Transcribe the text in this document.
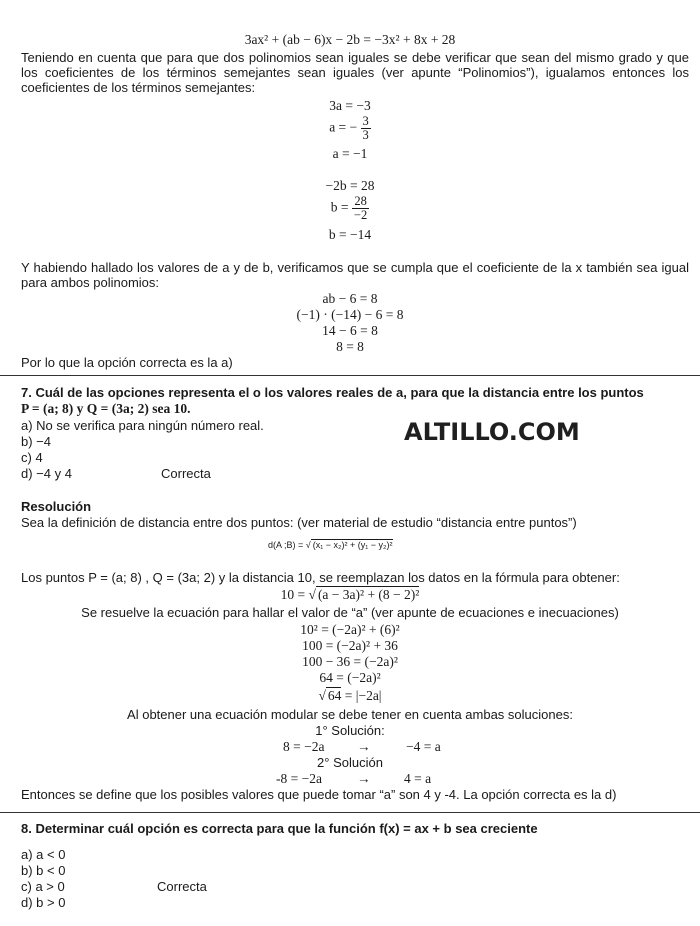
3ax² + (ab − 6)x − 2b = −3x² + 8x + 28
Teniendo en cuenta que para que dos polinomios sean iguales se debe verificar que sean del mismo grado y que los coeficientes de los términos semejantes sean iguales (ver apunte “Polinomios”), igualamos entonces los coeficientes de los términos semejantes:
3a = −3
a = − $\frac{3}{3}$
a = −1
−2b = 28
$b = \frac{28}{-2}$
b = −14
Y habiendo hallado los valores de a y de b, verificamos que se cumpla que el coeficiente de la x también sea igual para ambos polinomios:
ab − 6 = 8
(−1) · (−14) − 6 = 8
14 − 6 = 8
8 = 8
Por lo que la opción correcta es la a)
7. Cuál de las opciones representa el o los valores reales de a, para que la distancia entre los puntos
P = (a; 8) y Q = (3a; 2) sea 10.
a) No se verifica para ningún número real.
b) −4
c) 4
d) −4 y 4	Correcta
ALTILLO.COM
Resolución
Sea la definición de distancia entre dos puntos: (ver material de estudio “distancia entre puntos”)
d(A ;B) = √ (x₁ − x₂)² + (y₁ − y₂)²
Los puntos P = (a; 8) , Q = (3a; 2) y la distancia 10, se reemplazan los datos en la fórmula para obtener:
10 = √ (a − 3a)² + (8 − 2)²
Se resuelve la ecuación para hallar el valor de “a” (ver apunte de ecuaciones e inecuaciones)
10² = (−2a)² + (6)²
100 = (−2a)² + 36
100 − 36 = (−2a)²
64 = (−2a)²
√ 64 = |−2a|
Al obtener una ecuación modular se debe tener en cuenta ambas soluciones:
1° Solución:
8 = −2a →	−4 = a
2° Solución
-8 = −2a	→ 4 = a
Entonces se define que los posibles valores que puede tomar “a” son 4 y -4. La opción correcta es la d)
8. Determinar cuál opción es correcta para que la función f(x) = ax + b sea creciente
a) a < 0
b) b < 0
c) a > 0	Correcta
d) b > 0
